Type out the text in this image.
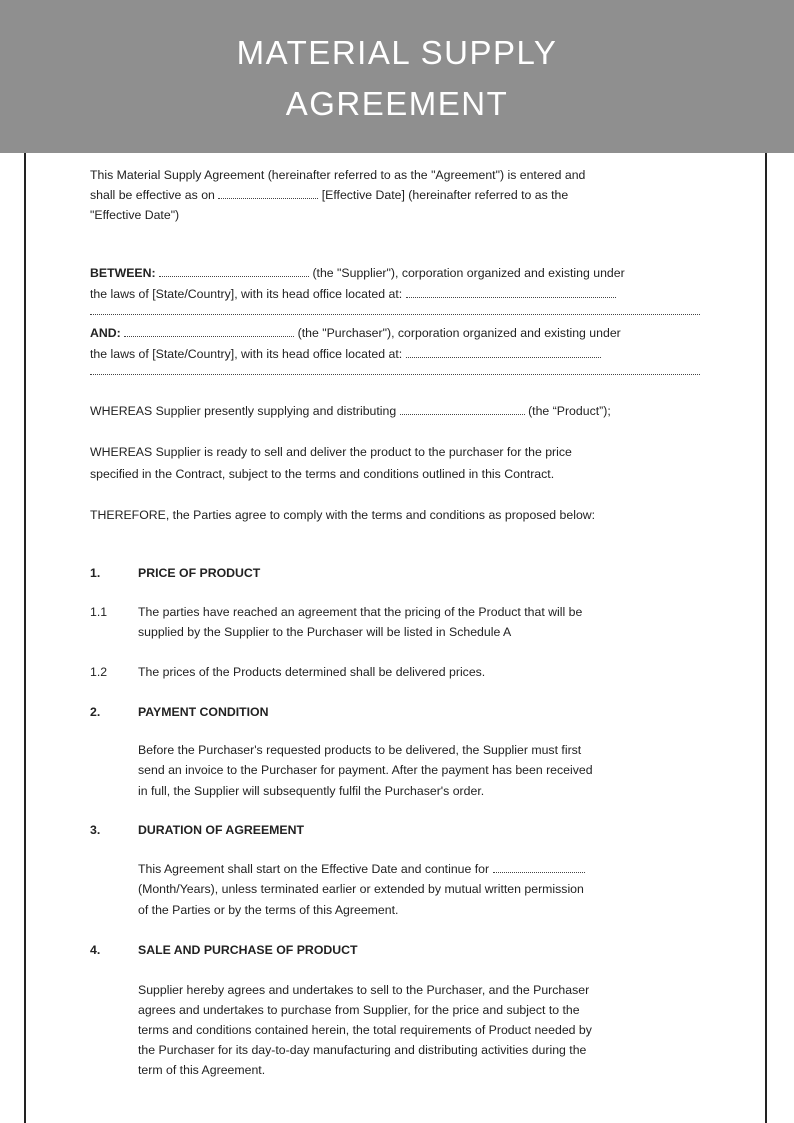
MATERIAL SUPPLY
AGREEMENT
This Material Supply Agreement (hereinafter referred to as the "Agreement") is entered and
shall be effective as on	[Effective Date] (hereinafter referred to as the
"Effective Date")
BETWEEN:	(the "Supplier"), corporation organized and existing under
the laws of [State/Country], with its head office located at:
AND:	(the "Purchaser"), corporation organized and existing under
the laws of [State/Country], with its head office located at:
WHEREAS Supplier presently supplying and distributing	(the “Product”);
WHEREAS Supplier is ready to sell and deliver the product to the purchaser for the price
specified in the Contract, subject to the terms and conditions outlined in this Contract.
THEREFORE, the Parties agree to comply with the terms and conditions as proposed below:
1.	PRICE OF PRODUCT
1.1	The parties have reached an agreement that the pricing of the Product that will be
supplied by the Supplier to the Purchaser will be listed in Schedule A
1.2	The prices of the Products determined shall be delivered prices.
2.	PAYMENT CONDITION
Before the Purchaser's requested products to be delivered, the Supplier must first
send an invoice to the Purchaser for payment. After the payment has been received
in full, the Supplier will subsequently fulfil the Purchaser's order.
3.	DURATION OF AGREEMENT
This Agreement shall start on the Effective Date and continue for
(Month/Years), unless terminated earlier or extended by mutual written permission
of the Parties or by the terms of this Agreement.
4.	SALE AND PURCHASE OF PRODUCT
Supplier hereby agrees and undertakes to sell to the Purchaser, and the Purchaser
agrees and undertakes to purchase from Supplier, for the price and subject to the
terms and conditions contained herein, the total requirements of Product needed by
the Purchaser for its day-to-day manufacturing and distributing activities during the
term of this Agreement.
